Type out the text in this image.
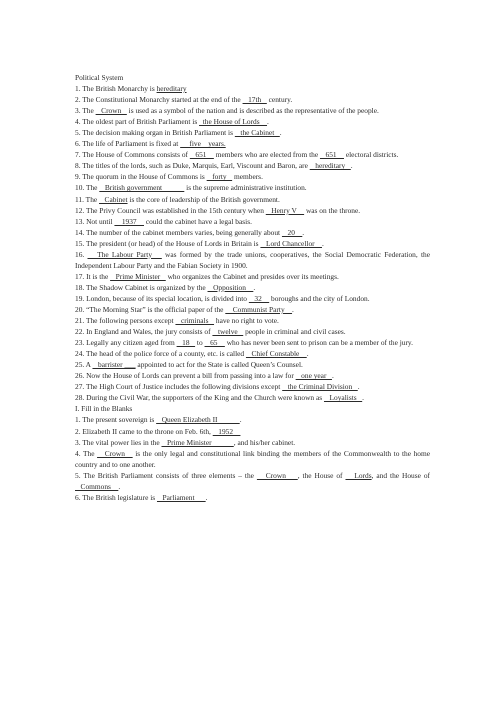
Political System
1. The British Monarchy is hereditary
2. The Constitutional Monarchy started at the end of the    17th    century.
3. The    Crown    is used as a symbol of the nation and is described as the representative of the people.
4. The oldest part of British Parliament is   the House of Lords    .
5. The decision making organ in British Parliament is    the Cabinet   .
6. The life of Parliament is fixed at      five    years.
7. The House of Commons consists of    651     members who are elected from the    651     electoral districts.
8. The titles of the lords, such as Duke, Marquis, Earl, Viscount and Baron, are    hereditary   .
9. The quorum in the House of Commons is    forty    members.
10. The    British government             is the supreme administrative institution.
11. The    Cabinet is the core of leadership of the British government.
12. The Privy Council was established in the 15th century when    Henry V     was on the throne.
13. Not until     1937     could the cabinet have a legal basis.
14. The number of the cabinet members varies, being generally about    20    .
15. The president (or head) of the House of Lords in Britain is    Lord Chancellor    .
16.    The Labour Party    was formed by the trade unions, cooperatives, the Social Democratic Federation, the Independent Labour Party and the Fabian Society in 1900.
17. It is the    Prime Minister    who organizes the Cabinet and presides over its meetings.
18. The Shadow Cabinet is organized by the    Opposition    .
19. London, because of its special location, is divided into    32     boroughs and the city of London.
20. “The Morning Star” is the official paper of the     Communist Party    .
21. The following persons except    criminals    have no right to vote.
22. In England and Wales, the jury consists of    twelve    people in criminal and civil cases.
23. Legally any citizen aged from    18    to    65     who has never been sent to prison can be a member of the jury.
24. The head of the police force of a county, etc. is called    Chief Constable    .
25. A    barrister ___ appointed to act for the State is called Queen’s Counsel.
26. Now the House of Lords can prevent a bill from passing into a law for    one year   .
27. The High Court of Justice includes the following divisions except    the Criminal Division   .
28. During the Civil War, the supporters of the King and the Church were known as    Loyalists   .
I. Fill in the Blanks
1. The present sovereign is    Queen Elizabeth II            .
2. Elizabeth II came to the throne on Feb. 6th,    1952
3. The vital power lies in the    Prime Minister            , and his/her cabinet.
4. The    Crown    is the only legal and constitutional link binding the members of the Commonwealth to the home country and to one another.
5. The British Parliament consists of three elements – the    Crown    , the House of    Lords, and the House of    Commons    .
6. The British legislature is    Parliament      .
